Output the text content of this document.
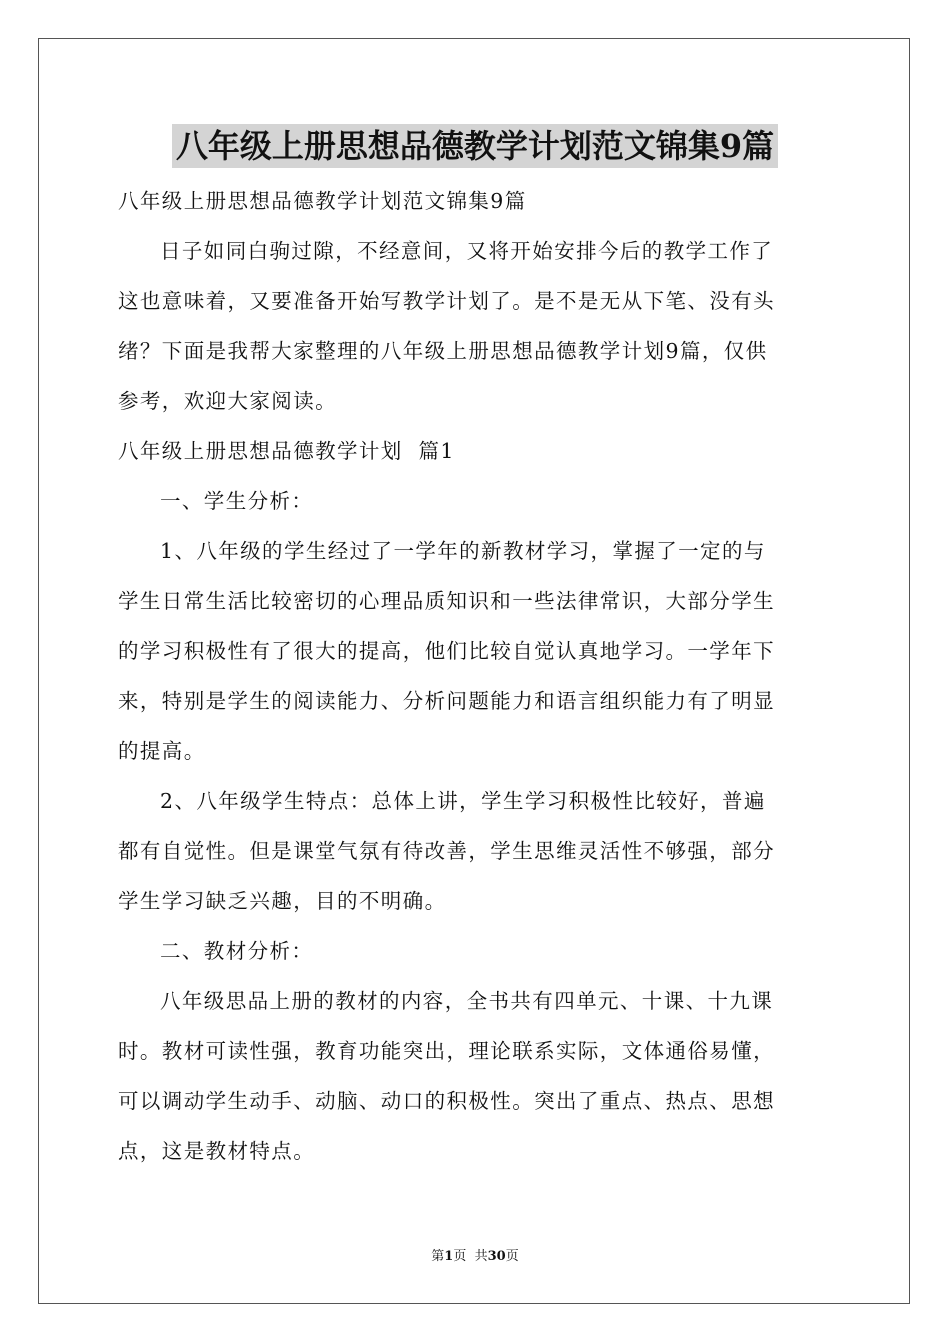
八年级上册思想品德教学计划范文锦集9篇

八年级上册思想品德教学计划范文锦集9篇

日子如同白驹过隙，不经意间，又将开始安排今后的教学工作了

这也意味着，又要准备开始写教学计划了。是不是无从下笔、没有头

绪？下面是我帮大家整理的八年级上册思想品德教学计划9篇，仅供

参考，欢迎大家阅读。

八年级上册思想品德教学计划  篇1

一、学生分析：

1、八年级的学生经过了一学年的新教材学习，掌握了一定的与

学生日常生活比较密切的心理品质知识和一些法律常识，大部分学生

的学习积极性有了很大的提高，他们比较自觉认真地学习。一学年下

来，特别是学生的阅读能力、分析问题能力和语言组织能力有了明显

的提高。

2、八年级学生特点：总体上讲，学生学习积极性比较好，普遍

都有自觉性。但是课堂气氛有待改善，学生思维灵活性不够强，部分

学生学习缺乏兴趣，目的不明确。

二、教材分析：

八年级思品上册的教材的内容，全书共有四单元、十课、十九课

时。教材可读性强，教育功能突出，理论联系实际，文体通俗易懂，

可以调动学生动手、动脑、动口的积极性。突出了重点、热点、思想

点，这是教材特点。

第1页  共30页
